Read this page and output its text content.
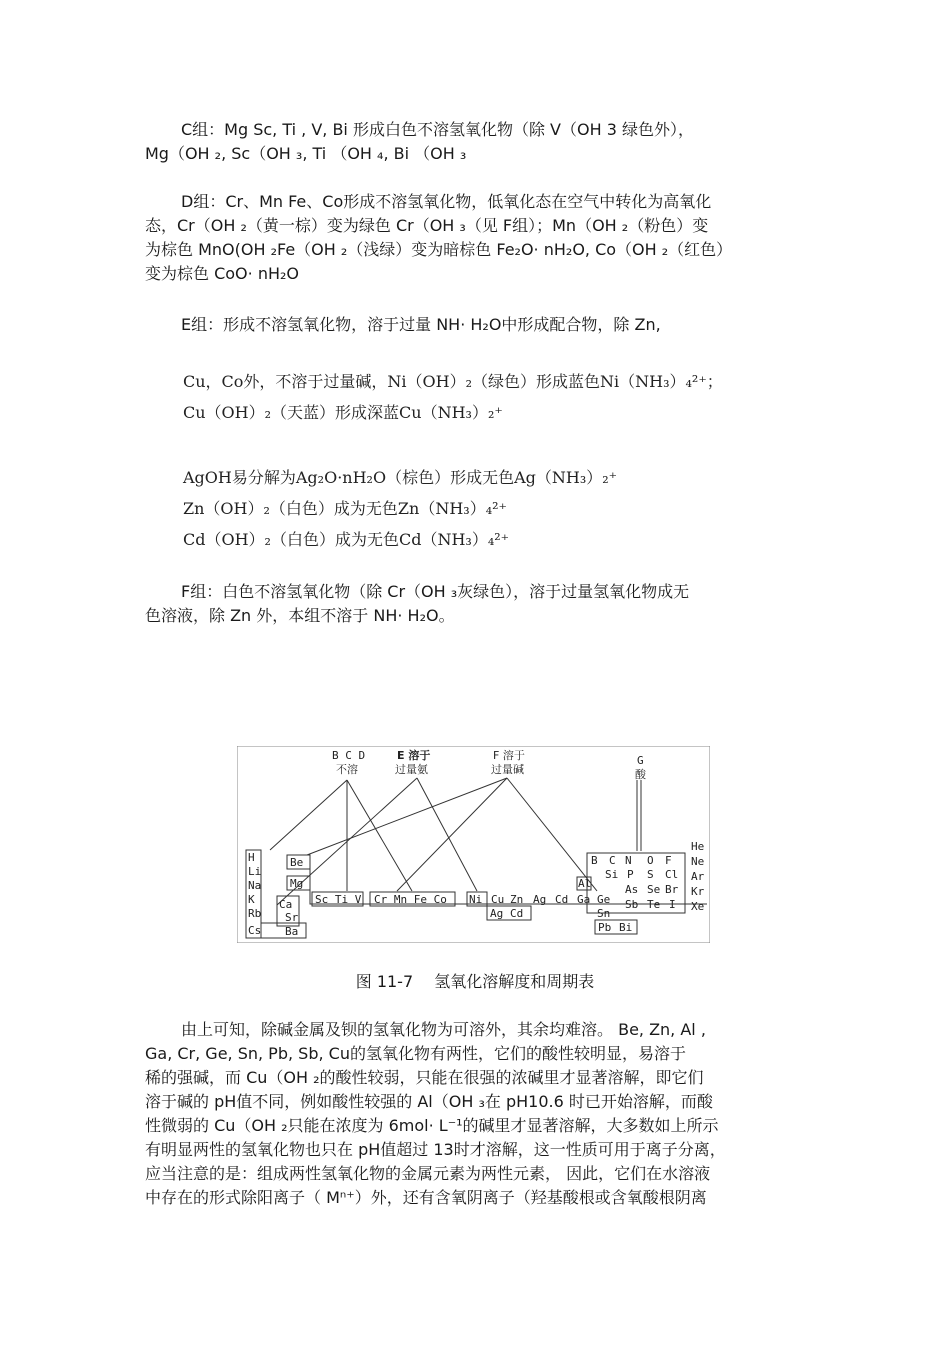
C组：Mg Sc, Ti , V, Bi 形成白色不溶氢氧化物（除 V（OH 3 绿色外），
Mg（OH ₂, Sc（OH ₃, Ti （OH ₄, Bi （OH ₃
D组：Cr、Mn Fe、Co形成不溶氢氧化物，低氧化态在空气中转化为高氧化
态，Cr（OH ₂（黄一棕）变为绿色 Cr（OH ₃（见 F组）；Mn（OH ₂（粉色）变
为棕色 MnO(OH ₂Fe（OH ₂（浅绿）变为暗棕色 Fe₂O· nH₂O, Co（OH ₂（红色）
变为棕色 CoO· nH₂O
E组：形成不溶氢氧化物，溶于过量 NH· H₂O中形成配合物，除 Zn,
Cu，Co外，不溶于过量碱，Ni（OH）₂（绿色）形成蓝色Ni（NH₃）₄²⁺；
Cu（OH）₂（天蓝）形成深蓝Cu（NH₃）₂⁺
AgOH易分解为Ag₂O·nH₂O（棕色）形成无色Ag（NH₃）₂⁺
Zn（OH）₂（白色）成为无色Zn（NH₃）₄²⁺
Cd（OH）₂（白色）成为无色Cd（NH₃）₄²⁺
F组：白色不溶氢氧化物（除 Cr（OH ₃灰绿色），溶于过量氢氧化物成无
色溶液，除 Zn 外，本组不溶于 NH· H₂O。
B C D
不溶
E 溶于
过量氨
F 溶于
过量碱
G
酸
H
Li
Na
K
Rb
Cs
Be
Mg
Ca
Sr
Ba
Sc Ti V Cr Mn Fe Co Ni Cu Zn
Ag Cd
Ag Cd Ga Ge
Al
Sn
Pb Bi
B C N O F
Si P S Cl
As Se Br
Sb Te I
He
Ne
Ar
Kr
Xe
图 11-7 氢氧化溶解度和周期表
由上可知，除碱金属及钡的氢氧化物为可溶外，其余均难溶。 Be, Zn, Al ,
Ga, Cr, Ge, Sn, Pb, Sb, Cu的氢氧化物有两性，它们的酸性较明显，易溶于
稀的强碱，而 Cu（OH ₂的酸性较弱，只能在很强的浓碱里才显著溶解，即它们
溶于碱的 pH值不同，例如酸性较强的 Al（OH ₃在 pH10.6 时已开始溶解，而酸
性微弱的 Cu（OH ₂只能在浓度为 6mol· L⁻¹的碱里才显著溶解，大多数如上所示
有明显两性的氢氧化物也只在 pH值超过 13时才溶解，这一性质可用于离子分离，
应当注意的是：组成两性氢氧化物的金属元素为两性元素， 因此，它们在水溶液
中存在的形式除阳离子（ Mⁿ⁺）外，还有含氧阴离子（羟基酸根或含氧酸根阴离
